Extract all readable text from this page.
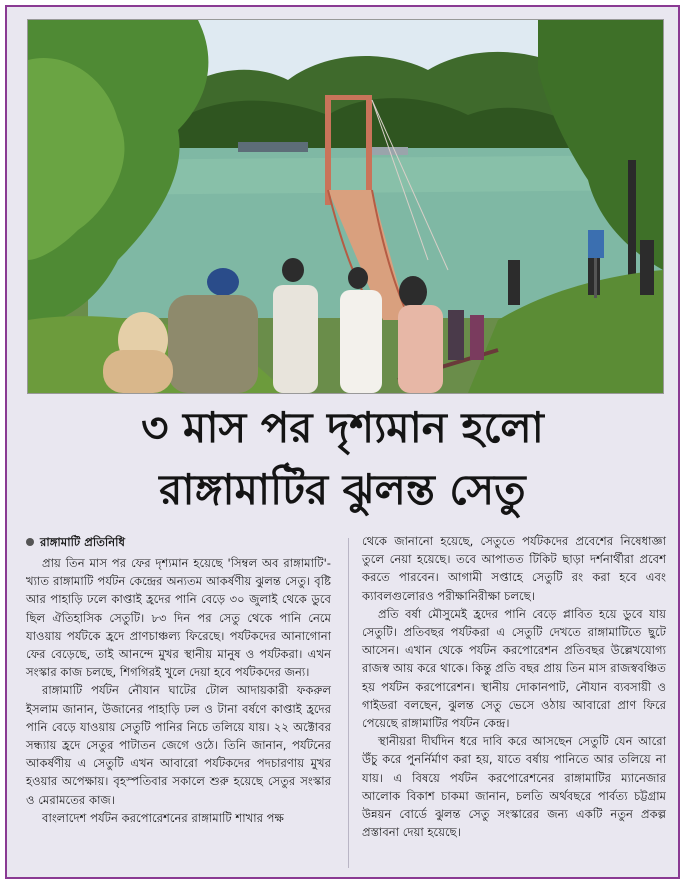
৩ মাস পর দৃশ্যমান হলো
রাঙ্গামাটির ঝুলন্ত সেতু
রাঙ্গামাটি প্রতিনিধি

প্রায় তিন মাস পর ফের দৃশ্যমান হয়েছে 'সিম্বল অব রাঙ্গামাটি'-খ্যাত রাঙ্গামাটি পর্যটন কেন্দ্রের অন্যতম আকর্ষণীয় ঝুলন্ত সেতু। বৃষ্টি আর পাহাড়ি ঢলে কাপ্তাই হ্রদের পানি বেড়ে ৩০ জুলাই থেকে ডুবে ছিল ঐতিহাসিক সেতুটি। ৮৩ দিন পর সেতু থেকে পানি নেমে যাওয়ায় পর্যটকে হ্রদে প্রাণচাঞ্চল্য ফিরেছে। পর্যটকদের আনাগোনা ফের বেড়েছে, তাই আনন্দে মুখর স্থানীয় মানুষ ও পর্যটকরা। এখন সংস্কার কাজ চলছে, শিগগিরই খুলে দেয়া হবে পর্যটকদের জন্য।

রাঙ্গামাটি পর্যটন নৌযান ঘাটের টোল আদায়কারী ফকরুল ইসলাম জানান, উজানের পাহাড়ি ঢল ও টানা বর্ষণে কাপ্তাই হ্রদের পানি বেড়ে যাওয়ায় সেতুটি পানির নিচে তলিয়ে যায়। ২২ অক্টোবর সন্ধ্যায় হ্রদে সেতুর পাটাতন জেগে ওঠে। তিনি জানান, পর্যটনের আকর্ষণীয় এ সেতুটি এখন আবারো পর্যটকদের পদচারণায় মুখর হওয়ার অপেক্ষায়। বৃহস্পতিবার সকালে শুরু হয়েছে সেতুর সংস্কার ও মেরামতের কাজ।

বাংলাদেশ পর্যটন করপোরেশনের রাঙ্গামাটি শাখার পক্ষ

থেকে জানানো হয়েছে, সেতুতে পর্যটকদের প্রবেশের নিষেধাজ্ঞা তুলে নেয়া হয়েছে। তবে আপাতত টিকিট ছাড়া দর্শনার্থীরা প্রবেশ করতে পারবেন। আগামী সপ্তাহে সেতুটি রং করা হবে এবং ক্যাবলগুলোরও পরীক্ষানিরীক্ষা চলছে।

প্রতি বর্ষা মৌসুমেই হ্রদের পানি বেড়ে প্লাবিত হয়ে ডুবে যায় সেতুটি। প্রতিবছর পর্যটকরা এ সেতুটি দেখতে রাঙ্গামাটিতে ছুটে আসেন। এখান থেকে পর্যটন করপোরেশন প্রতিবছর উল্লেখযোগ্য রাজস্ব আয় করে থাকে। কিন্তু প্রতি বছর প্রায় তিন মাস রাজস্ববঞ্চিত হয় পর্যটন করপোরেশন। স্থানীয় দোকানপাট, নৌযান ব্যবসায়ী ও গাইডরা বলছেন, ঝুলন্ত সেতু ভেসে ওঠায় আবারো প্রাণ ফিরে পেয়েছে রাঙ্গামাটির পর্যটন কেন্দ্র।

স্থানীয়রা দীর্ঘদিন ধরে দাবি করে আসছেন সেতুটি যেন আরো উঁচু করে পুনর্নির্মাণ করা হয়, যাতে বর্ষায় পানিতে আর তলিয়ে না যায়। এ বিষয়ে পর্যটন করপোরেশনের রাঙ্গামাটির ম্যানেজার আলোক বিকাশ চাকমা জানান, চলতি অর্থবছরে পার্বত্য চট্টগ্রাম উন্নয়ন বোর্ডে ঝুলন্ত সেতু সংস্কারের জন্য একটি নতুন প্রকল্প প্রস্তাবনা দেয়া হয়েছে।
